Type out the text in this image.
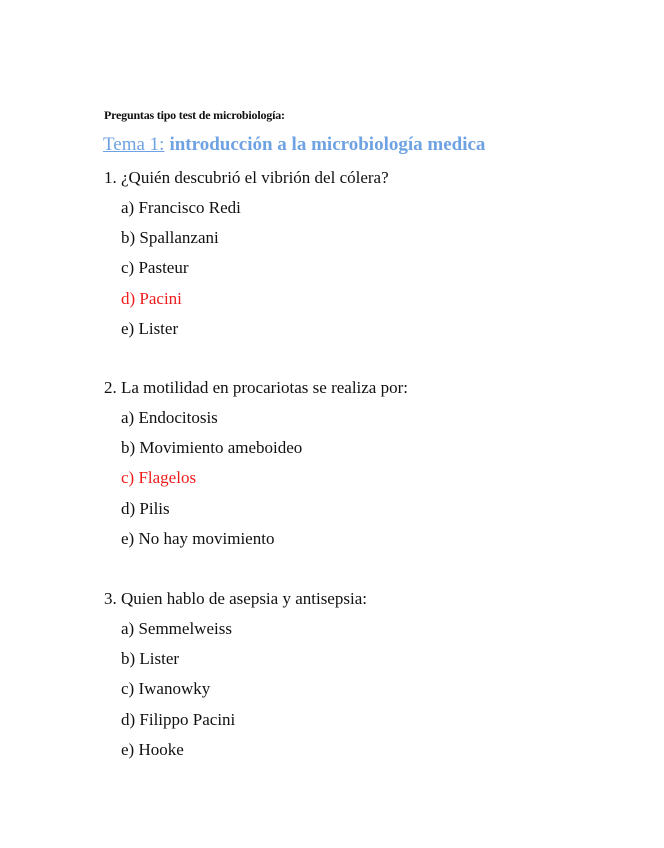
Preguntas tipo test de microbiología:
Tema 1: introducción a la microbiología medica
1. ¿Quién descubrió el vibrión del cólera?
a) Francisco Redi
b) Spallanzani
c) Pasteur
d) Pacini
e) Lister
2. La motilidad en procariotas se realiza por:
a) Endocitosis
b) Movimiento ameboideo
c) Flagelos
d) Pilis
e) No hay movimiento
3. Quien hablo de asepsia y antisepsia:
a) Semmelweiss
b) Lister
c) Iwanowky
d) Filippo Pacini
e) Hooke
